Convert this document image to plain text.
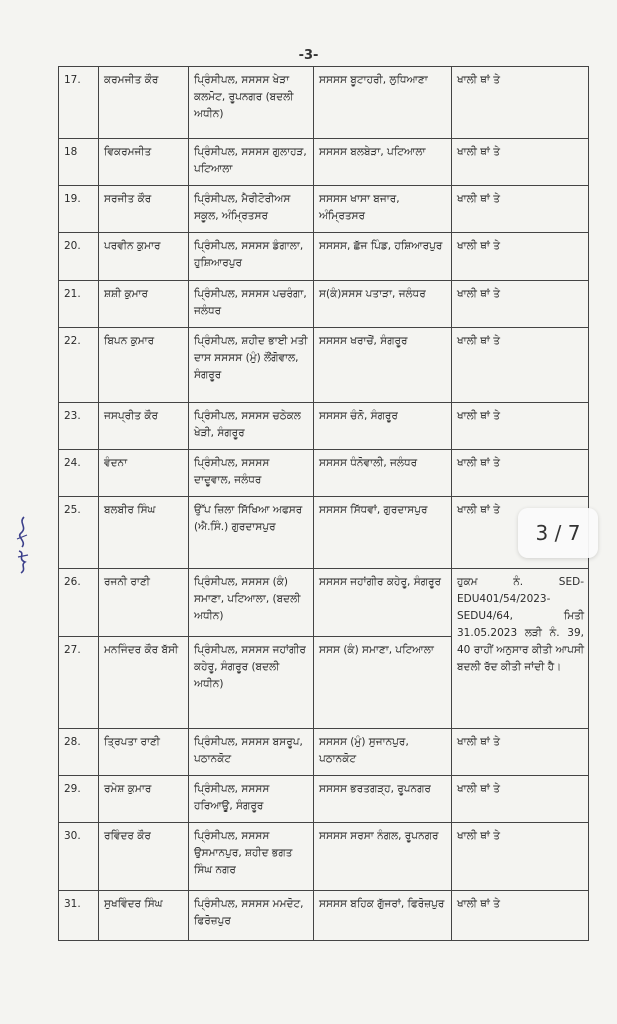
-3-
17.	ਕਰਮਜੀਤ ਕੌਰ	ਪ੍ਰਿੰਸੀਪਲ, ਸਸਸਸ ਖੇੜਾ ਕਲਮੋਟ, ਰੂਪਨਗਰ (ਬਦਲੀ ਅਧੀਨ)	ਸਸਸਸ ਬੂਟਾਹਰੀ, ਲੁਧਿਆਣਾ	ਖਾਲੀ ਥਾਂ ਤੇ
18	ਵਿਕਰਮਜੀਤ	ਪ੍ਰਿੰਸੀਪਲ, ਸਸਸਸ ਗੁਲਾਹੜ, ਪਟਿਆਲਾ	ਸਸਸਸ ਬਲਬੇੜਾ, ਪਟਿਆਲਾ	ਖਾਲੀ ਥਾਂ ਤੇ
19.	ਸਰਜੀਤ ਕੌਰ	ਪ੍ਰਿੰਸੀਪਲ, ਮੈਰੀਟੋਰੀਅਸ ਸਕੂਲ, ਅੰਮ੍ਰਿਤਸਰ	ਸਸਸਸ ਖਾਸਾ ਬਜਾਰ, ਅੰਮ੍ਰਿਤਸਰ	ਖਾਲੀ ਥਾਂ ਤੇ
20.	ਪਰਵੀਨ ਕੁਮਾਰ	ਪ੍ਰਿੰਸੀਪਲ, ਸਸਸਸ ਡੰਗਾਲਾ, ਹੁਸ਼ਿਆਰਪੁਰ	ਸਸਸਸ, ਛੱਜ ਪਿੰਡ, ਹਸ਼ਿਆਰਪੁਰ	ਖਾਲੀ ਥਾਂ ਤੇ
21.	ਸ਼ਸ਼ੀ ਕੁਮਾਰ	ਪ੍ਰਿੰਸੀਪਲ, ਸਸਸਸ ਪਚਰੰਗਾ, ਜਲੰਧਰ	ਸ(ਕੰ)ਸਸਸ ਪਤਾੜਾ, ਜਲੰਧਰ	ਖਾਲੀ ਥਾਂ ਤੇ
22.	ਬਿਪਨ ਕੁਮਾਰ	ਪ੍ਰਿੰਸੀਪਲ, ਸ਼ਹੀਦ ਭਾਈ ਮਤੀ ਦਾਸ ਸਸਸਸ (ਮੁੰ) ਲੌਂਗੋਵਾਲ, ਸੰਗਰੂਰ	ਸਸਸਸ ਖਰਾਚੋਂ, ਸੰਗਰੂਰ	ਖਾਲੀ ਥਾਂ ਤੇ
23.	ਜਸਪ੍ਰੀਤ ਕੌਰ	ਪ੍ਰਿੰਸੀਪਲ, ਸਸਸਸ ਚਠੇਕਲ ਖੇੜੀ, ਸੰਗਰੂਰ	ਸਸਸਸ ਚੰਨੋ, ਸੰਗਰੂਰ	ਖਾਲੀ ਥਾਂ ਤੇ
24.	ਵੰਦਨਾ	ਪ੍ਰਿੰਸੀਪਲ, ਸਸਸਸ ਦਾਦੂਵਾਲ, ਜਲੰਧਰ	ਸਸਸਸ ਧੰਨੋਵਾਲੀ, ਜਲੰਧਰ	ਖਾਲੀ ਥਾਂ ਤੇ
25.	ਬਲਬੀਰ ਸਿੰਘ	ਉੱਪ ਜ਼ਿਲਾ ਸਿੱਖਿਆ ਅਫਸਰ (ਐ.ਸਿੰ.) ਗੁਰਦਾਸਪੁਰ	ਸਸਸਸ ਸਿੱਧਵਾਂ, ਗੁਰਦਾਸਪੁਰ	ਖਾਲੀ ਥਾਂ ਤੇ
26.	ਰਜਨੀ ਰਾਣੀ	ਪ੍ਰਿੰਸੀਪਲ, ਸਸਸਸ (ਕੰ) ਸਮਾਣਾ, ਪਟਿਆਲਾ, (ਬਦਲੀ ਅਧੀਨ)	ਸਸਸਸ ਜਹਾਂਗੀਰ ਕਹੇਰੂ, ਸੰਗਰੂਰ	ਹੁਕਮ ਨੰ. SED-EDU401/54/2023-SEDU4/64, ਮਿਤੀ 31.05.2023 ਲੜੀ ਨੰ. 39, 40 ਰਾਹੀਂ ਅਨੁਸਾਰ ਕੀਤੀ ਆਪਸੀ ਬਦਲੀ ਰੱਦ ਕੀਤੀ ਜਾਂਦੀ ਹੈ।
27.	ਮਨਜਿੰਦਰ ਕੌਰ ਬੱਸੀ	ਪ੍ਰਿੰਸੀਪਲ, ਸਸਸਸ ਜਹਾਂਗੀਰ ਕਹੇਰੂ, ਸੰਗਰੂਰ (ਬਦਲੀ ਅਧੀਨ)	ਸਸਸ (ਕੰ) ਸਮਾਣਾ, ਪਟਿਆਲਾ	
28.	ਤ੍ਰਿਪਤਾ ਰਾਣੀ	ਪ੍ਰਿੰਸੀਪਲ, ਸਸਸਸ ਬਸਰੂਪ, ਪਠਾਨਕੋਟ	ਸਸਸਸ (ਮੁੰ) ਸੁਜਾਨਪੁਰ, ਪਠਾਨਕੋਟ	ਖਾਲੀ ਥਾਂ ਤੇ
29.	ਰਮੇਸ਼ ਕੁਮਾਰ	ਪ੍ਰਿੰਸੀਪਲ, ਸਸਸਸ ਹਰਿਆਊ, ਸੰਗਰੂਰ	ਸਸਸਸ ਭਰਤਗੜ੍ਹ, ਰੂਪਨਗਰ	ਖਾਲੀ ਥਾਂ ਤੇ
30.	ਰਵਿੰਦਰ ਕੌਰ	ਪ੍ਰਿੰਸੀਪਲ, ਸਸਸਸ ਉਸਮਾਨਪੁਰ, ਸ਼ਹੀਦ ਭਗਤ ਸਿੰਘ ਨਗਰ	ਸਸਸਸ ਸਰਸਾ ਨੰਗਲ, ਰੂਪਨਗਰ	ਖਾਲੀ ਥਾਂ ਤੇ
31.	ਸੁਖਵਿੰਦਰ ਸਿੰਘ	ਪ੍ਰਿੰਸੀਪਲ, ਸਸਸਸ ਮਮਦੋਟ, ਫਿਰੋਜ਼ਪੁਰ	ਸਸਸਸ ਬਹਿਕ ਗੁੱਜਰਾਂ, ਫਿਰੋਜ਼ਪੁਰ	ਖਾਲੀ ਥਾਂ ਤੇ
3 / 7
